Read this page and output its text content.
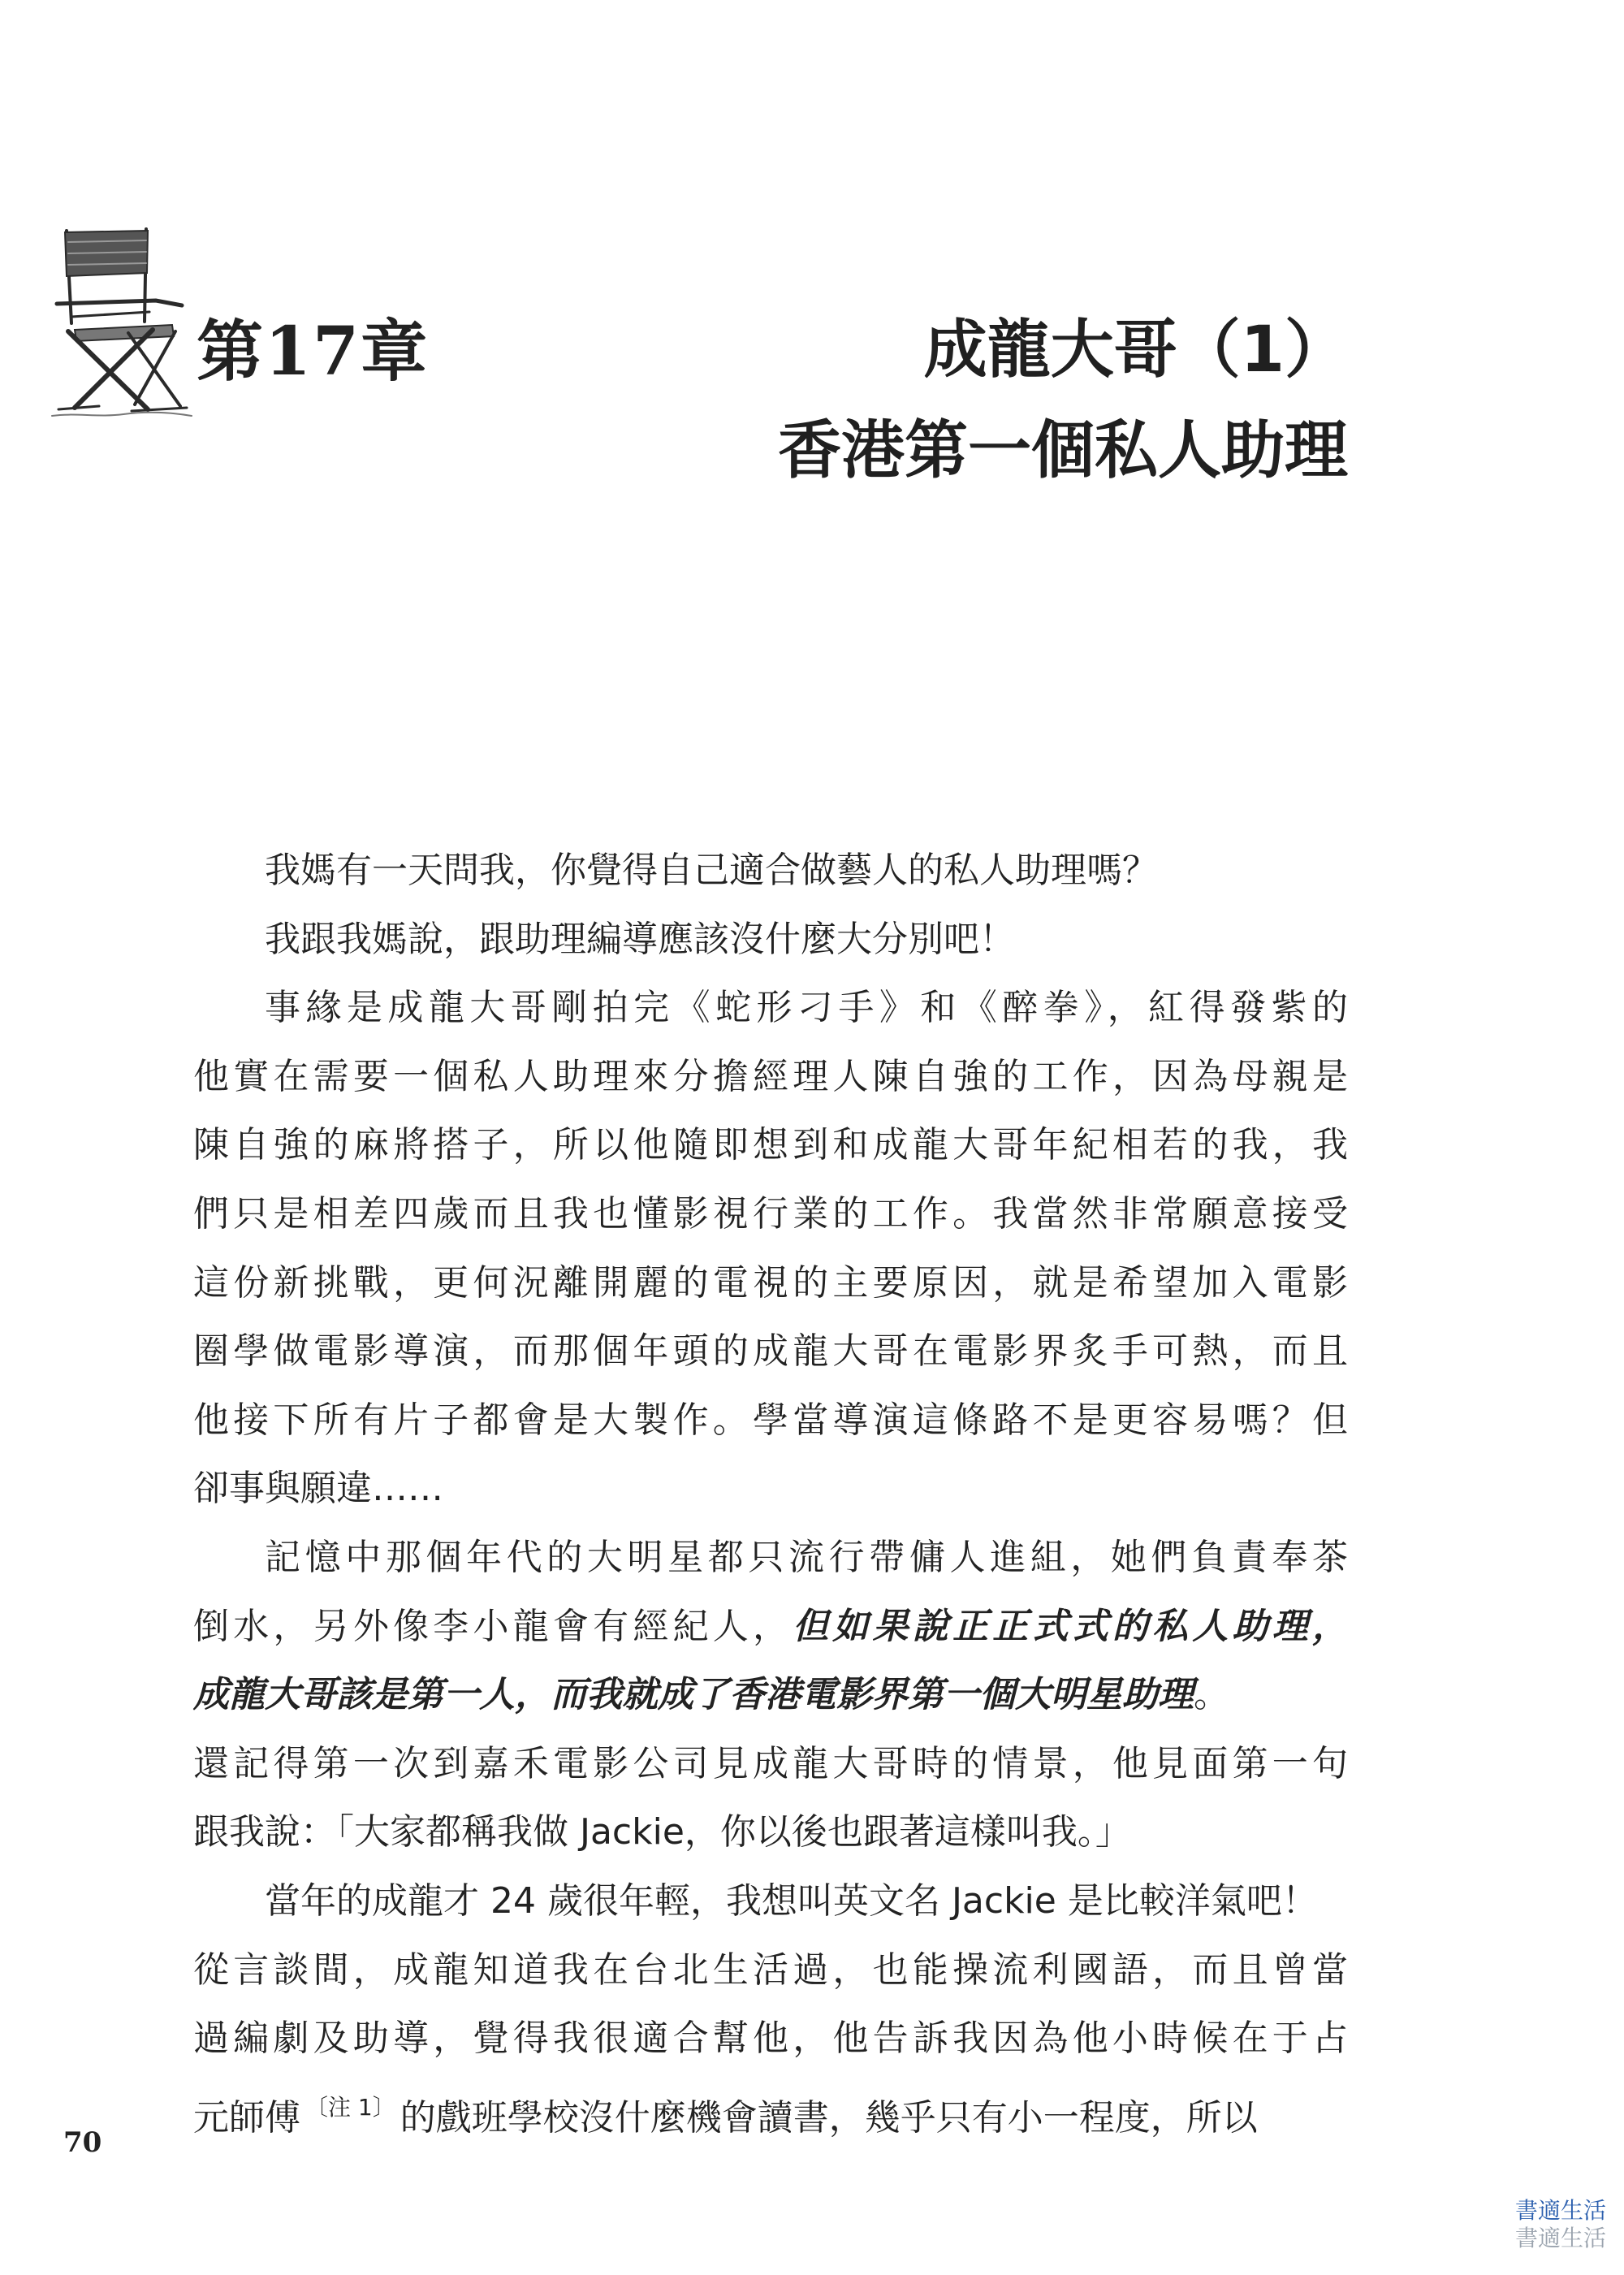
第17章	成龍大哥（1）
香港第一個私人助理
我媽有一天問我，你覺得自己適合做藝人的私人助理嗎？
我跟我媽說，跟助理編導應該沒什麼大分別吧！
事緣是成龍大哥剛拍完《蛇形刁手》和《醉拳》，紅得發紫的
他實在需要一個私人助理來分擔經理人陳自強的工作，因為母親是
陳自強的麻將搭子，所以他隨即想到和成龍大哥年紀相若的我，我
們只是相差四歲而且我也懂影視行業的工作。我當然非常願意接受
這份新挑戰，更何況離開麗的電視的主要原因，就是希望加入電影
圈學做電影導演，而那個年頭的成龍大哥在電影界炙手可熱，而且
他接下所有片子都會是大製作。學當導演這條路不是更容易嗎？但
卻事與願違……
記憶中那個年代的大明星都只流行帶傭人進組，她們負責奉茶
倒水，另外像李小龍會有經紀人，但如果說正正式式的私人助理，
成龍大哥該是第一人，而我就成了香港電影界第一個大明星助理。
還記得第一次到嘉禾電影公司見成龍大哥時的情景，他見面第一句
跟我說：「大家都稱我做 Jackie，你以後也跟著這樣叫我。」
當年的成龍才 24 歲很年輕，我想叫英文名 Jackie 是比較洋氣吧！
從言談間，成龍知道我在台北生活過，也能操流利國語，而且曾當
過編劇及助導，覺得我很適合幫他，他告訴我因為他小時候在于占
元師傅 $^{〔注 1〕}$ 的戲班學校沒什麼機會讀書，幾乎只有小一程度，所以
70
書適生活
書適生活
